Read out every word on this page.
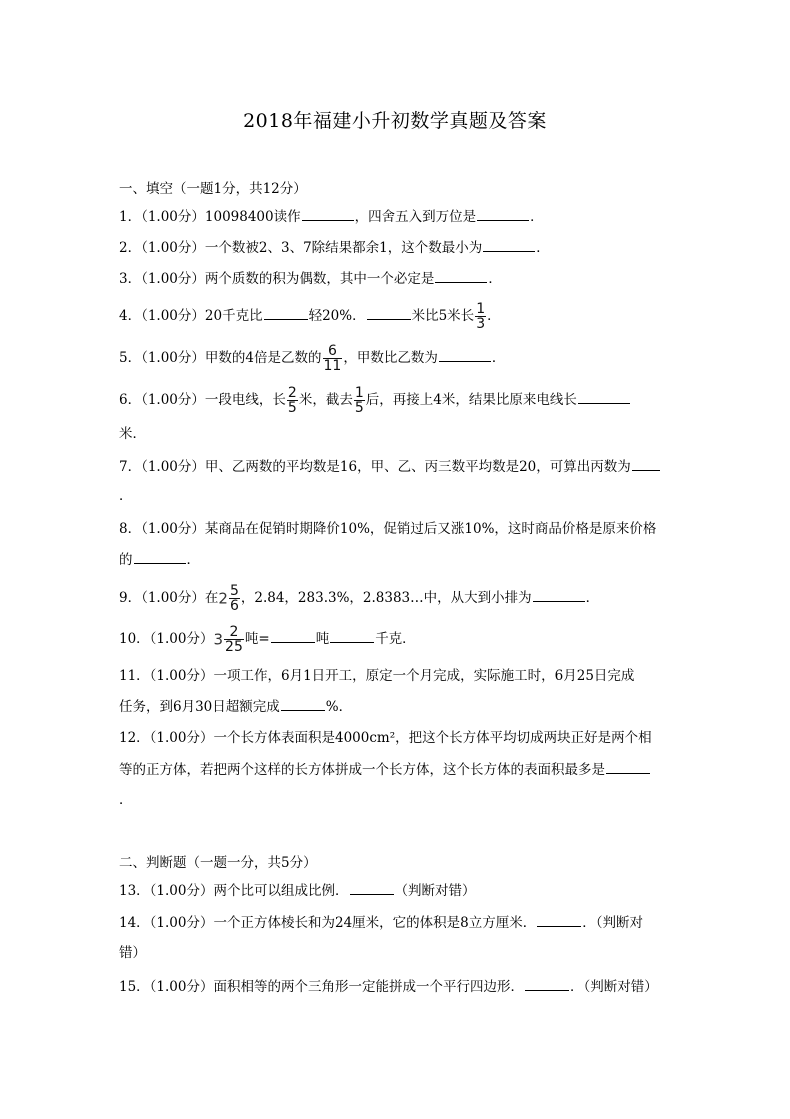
2018年福建小升初数学真题及答案
一、填空（一题1分，共12分）
1．（1.00分）10098400读作	，四舍五入到万位是	．
2．（1.00分）一个数被2、3、7除结果都余1，这个数最小为	．
3．（1.00分）两个质数的积为偶数，其中一个必定是	．
4．（1.00分）20千克比	轻20%．	米比5米长 $\frac{1}{3}$ ．
5．（1.00分）甲数的4倍是乙数的 $\frac{6}{11}$ ，甲数比乙数为	．
6．（1.00分）一段电线，长 $\frac{2}{5}$ 米，截去 $\frac{1}{5}$ 后，再接上4米，结果比原来电线长
米．
7．（1.00分）甲、乙两数的平均数是16，甲、乙、丙三数平均数是20，可算出丙数为
．
8．（1.00分）某商品在促销时期降价10%，促销过后又涨10%，这时商品价格是原来价格
的	．
9．（1.00分）在$2 \frac{5}{6}$ ，2.84，283.3%，2.8383…中，从大到小排为	．
10．（1.00分）$3 \frac{2}{25}$ 吨=	吨	千克．
11．（1.00分）一项工作，6月1日开工，原定一个月完成，实际施工时，6月25日完成
任务，到6月30日超额完成	%．
12．（1.00分）一个长方体表面积是4000cm²，把这个长方体平均切成两块正好是两个相
等的正方体，若把两个这样的长方体拼成一个长方体，这个长方体的表面积最多是
．
二、判断题（一题一分，共5分）
13．（1.00分）两个比可以组成比例．	（判断对错）
14．（1.00分）一个正方体棱长和为24厘米，它的体积是8立方厘米．	．（判断对
错）
15．（1.00分）面积相等的两个三角形一定能拼成一个平行四边形．	．（判断对错）
